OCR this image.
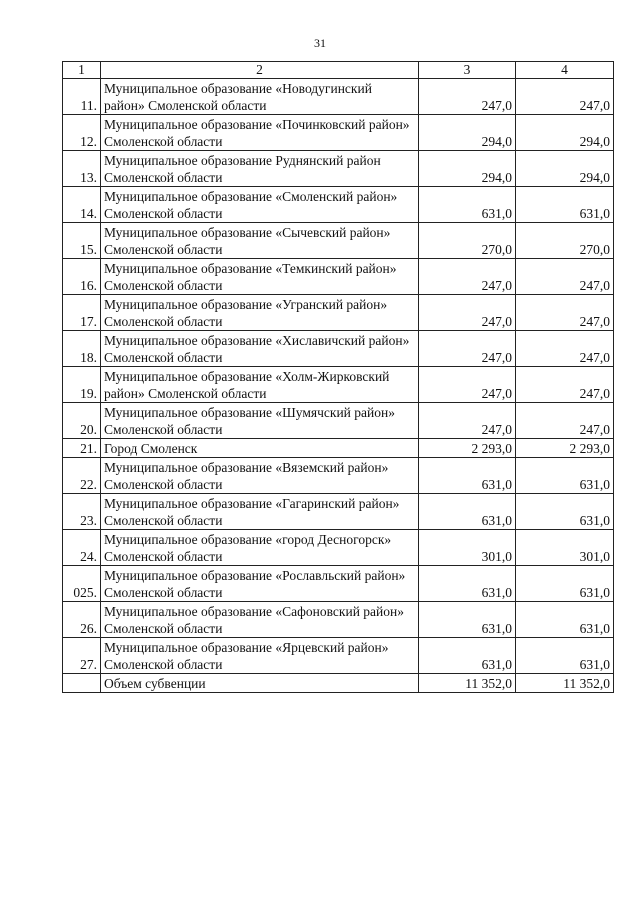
31
1	2	3	4
11.	Муниципальное образование «Новодугинский район» Смоленской области	247,0	247,0
12.	Муниципальное образование «Починковский район» Смоленской области	294,0	294,0
13.	Муниципальное образование Руднянский район Смоленской области	294,0	294,0
14.	Муниципальное образование «Смоленский район» Смоленской области	631,0	631,0
15.	Муниципальное образование «Сычевский район» Смоленской области	270,0	270,0
16.	Муниципальное образование «Темкинский район» Смоленской области	247,0	247,0
17.	Муниципальное образование «Угранский район» Смоленской области	247,0	247,0
18.	Муниципальное образование «Хиславичский район» Смоленской области	247,0	247,0
19.	Муниципальное образование «Холм-Жирковский район» Смоленской области	247,0	247,0
20.	Муниципальное образование «Шумячский район» Смоленской области	247,0	247,0
21.	Город Смоленск	2 293,0	2 293,0
22.	Муниципальное образование «Вяземский район» Смоленской области	631,0	631,0
23.	Муниципальное образование «Гагаринский район» Смоленской области	631,0	631,0
24.	Муниципальное образование «город Десногорск» Смоленской области	301,0	301,0
025.	Муниципальное образование «Рославльский район» Смоленской области	631,0	631,0
26.	Муниципальное образование «Сафоновский район» Смоленской области	631,0	631,0
27.	Муниципальное образование «Ярцевский район» Смоленской области	631,0	631,0
	Объем субвенции	11 352,0	11 352,0
